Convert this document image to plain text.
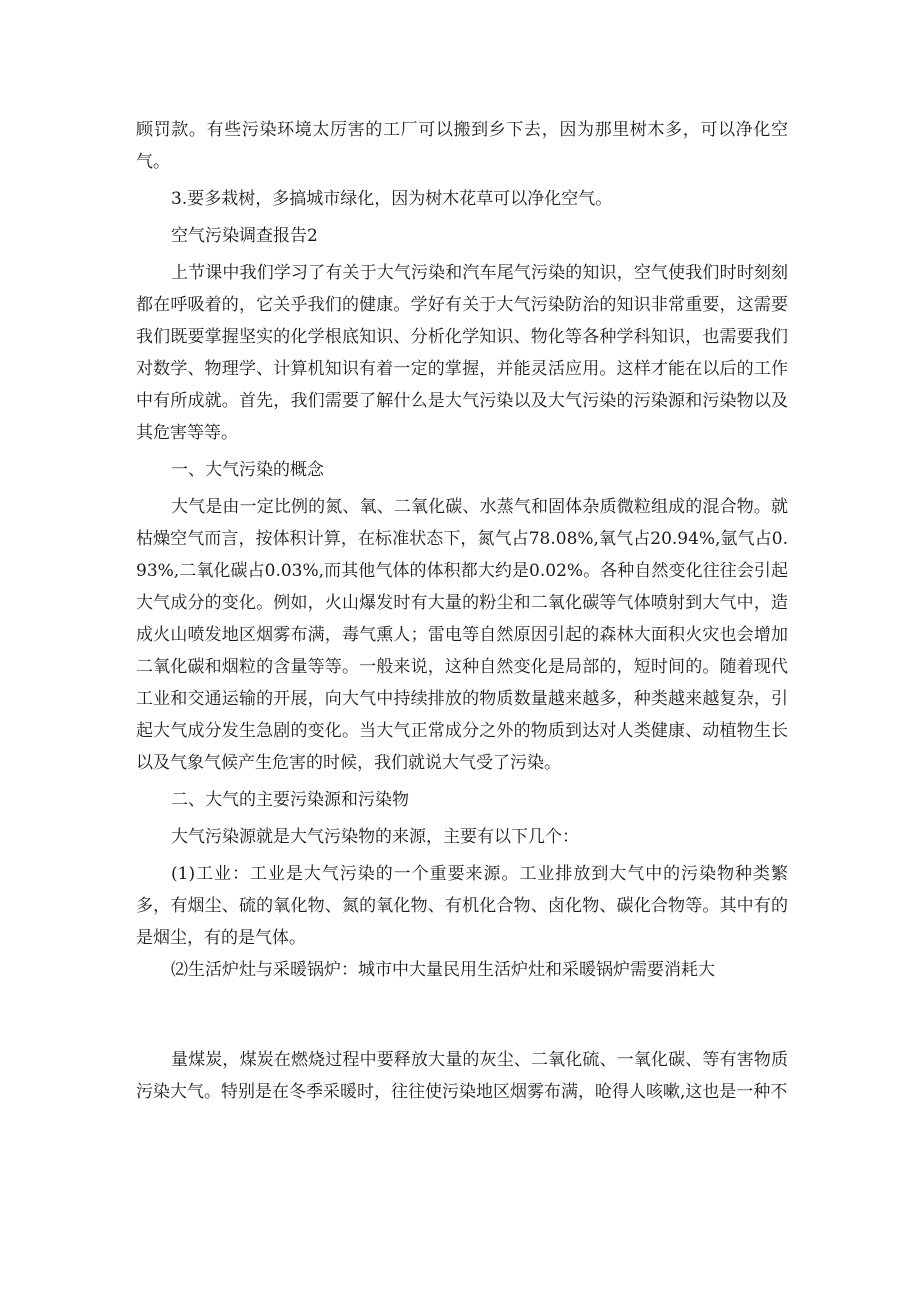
顾罚款。有些污染环境太厉害的工厂可以搬到乡下去，因为那里树木多，可以净化空气。

3.要多栽树，多搞城市绿化，因为树木花草可以净化空气。

空气污染调查报告2

上节课中我们学习了有关于大气污染和汽车尾气污染的知识，空气使我们时时刻刻都在呼吸着的，它关乎我们的健康。学好有关于大气污染防治的知识非常重要，这需要我们既要掌握坚实的化学根底知识、分析化学知识、物化等各种学科知识，也需要我们对数学、物理学、计算机知识有着一定的掌握，并能灵活应用。这样才能在以后的工作中有所成就。首先，我们需要了解什么是大气污染以及大气污染的污染源和污染物以及其危害等等。

一、大气污染的概念

大气是由一定比例的氮、氧、二氧化碳、水蒸气和固体杂质微粒组成的混合物。就枯燥空气而言，按体积计算，在标准状态下，氮气占78.08%,氧气占20.94%,氩气占0.93%,二氧化碳占0.03%,而其他气体的体积都大约是0.02%。各种自然变化往往会引起大气成分的变化。例如，火山爆发时有大量的粉尘和二氧化碳等气体喷射到大气中，造成火山喷发地区烟雾布满，毒气熏人；雷电等自然原因引起的森林大面积火灾也会增加二氧化碳和烟粒的含量等等。一般来说，这种自然变化是局部的，短时间的。随着现代工业和交通运输的开展，向大气中持续排放的物质数量越来越多，种类越来越复杂，引起大气成分发生急剧的变化。当大气正常成分之外的物质到达对人类健康、动植物生长以及气象气候产生危害的时候，我们就说大气受了污染。

二、大气的主要污染源和污染物

大气污染源就是大气污染物的来源，主要有以下几个：

(1)工业：工业是大气污染的一个重要来源。工业排放到大气中的污染物种类繁多，有烟尘、硫的氧化物、氮的氧化物、有机化合物、卤化物、碳化合物等。其中有的是烟尘，有的是气体。

⑵生活炉灶与采暖锅炉：城市中大量民用生活炉灶和采暖锅炉需要消耗大

量煤炭，煤炭在燃烧过程中要释放大量的灰尘、二氧化硫、一氧化碳、等有害物质污染大气。特别是在冬季采暖时，往往使污染地区烟雾布满，呛得人咳嗽,这也是一种不
